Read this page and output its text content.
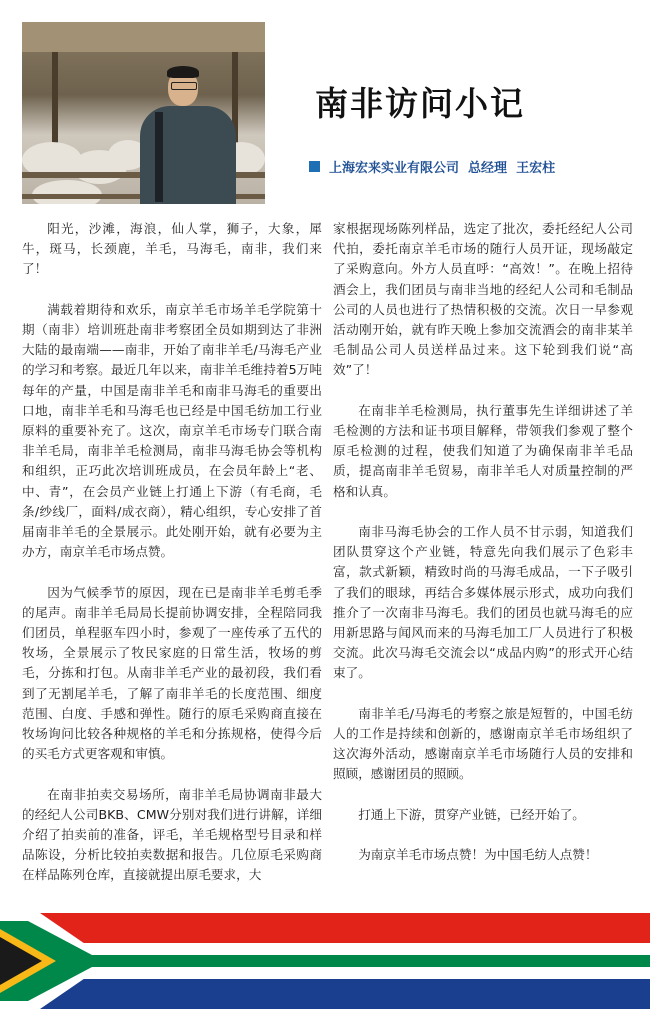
南非访问小记
上海宏来实业有限公司  总经理  王宏柱

阳光，沙滩，海浪，仙人掌，狮子，大象，犀牛，斑马，长颈鹿，羊毛，马海毛，南非，我们来了！

满载着期待和欢乐，南京羊毛市场羊毛学院第十期（南非）培训班赴南非考察团全员如期到达了非洲大陆的最南端——南非，开始了南非羊毛/马海毛产业的学习和考察。最近几年以来，南非羊毛维持着5万吨每年的产量，中国是南非羊毛和南非马海毛的重要出口地，南非羊毛和马海毛也已经是中国毛纺加工行业原料的重要补充了。这次，南京羊毛市场专门联合南非羊毛局，南非羊毛检测局，南非马海毛协会等机构和组织，正巧此次培训班成员，在会员年龄上“老、中、青”，在会员产业链上打通上下游（有毛商，毛条/纱线厂，面料/成衣商），精心组织，专心安排了首届南非羊毛的全景展示。此处刚开始，就有必要为主办方，南京羊毛市场点赞。

因为气候季节的原因，现在已是南非羊毛剪毛季的尾声。南非羊毛局局长提前协调安排，全程陪同我们团员，单程驱车四小时，参观了一座传承了五代的牧场，全景展示了牧民家庭的日常生活，牧场的剪毛，分拣和打包。从南非羊毛产业的最初段，我们看到了无割尾羊毛，了解了南非羊毛的长度范围、细度范围、白度、手感和弹性。随行的原毛采购商直接在牧场询问比较各种规格的羊毛和分拣规格，使得今后的买毛方式更客观和审慎。

在南非拍卖交易场所，南非羊毛局协调南非最大的经纪人公司BKB、CMW分别对我们进行讲解，详细介绍了拍卖前的准备，评毛，羊毛规格型号目录和样品陈设，分析比较拍卖数据和报告。几位原毛采购商在样品陈列仓库，直接就提出原毛要求，大

家根据现场陈列样品，选定了批次，委托经纪人公司代拍，委托南京羊毛市场的随行人员开证，现场敲定了采购意向。外方人员直呼：“高效！”。在晚上招待酒会上，我们团员与南非当地的经纪人公司和毛制品公司的人员也进行了热情积极的交流。次日一早参观活动刚开始，就有昨天晚上参加交流酒会的南非某羊毛制品公司人员送样品过来。这下轮到我们说“高效”了！

在南非羊毛检测局，执行董事先生详细讲述了羊毛检测的方法和证书项目解释，带领我们参观了整个原毛检测的过程，使我们知道了为确保南非羊毛品质，提高南非羊毛贸易，南非羊毛人对质量控制的严格和认真。

南非马海毛协会的工作人员不甘示弱，知道我们团队贯穿这个产业链，特意先向我们展示了色彩丰富，款式新颖，精致时尚的马海毛成品，一下子吸引了我们的眼球，再结合多媒体展示形式，成功向我们推介了一次南非马海毛。我们的团员也就马海毛的应用新思路与闻风而来的马海毛加工厂人员进行了积极交流。此次马海毛交流会以“成品内购”的形式开心结束了。

南非羊毛/马海毛的考察之旅是短暂的，中国毛纺人的工作是持续和创新的，感谢南京羊毛市场组织了这次海外活动，感谢南京羊毛市场随行人员的安排和照顾，感谢团员的照顾。

打通上下游，贯穿产业链，已经开始了。

为南京羊毛市场点赞！为中国毛纺人点赞！
